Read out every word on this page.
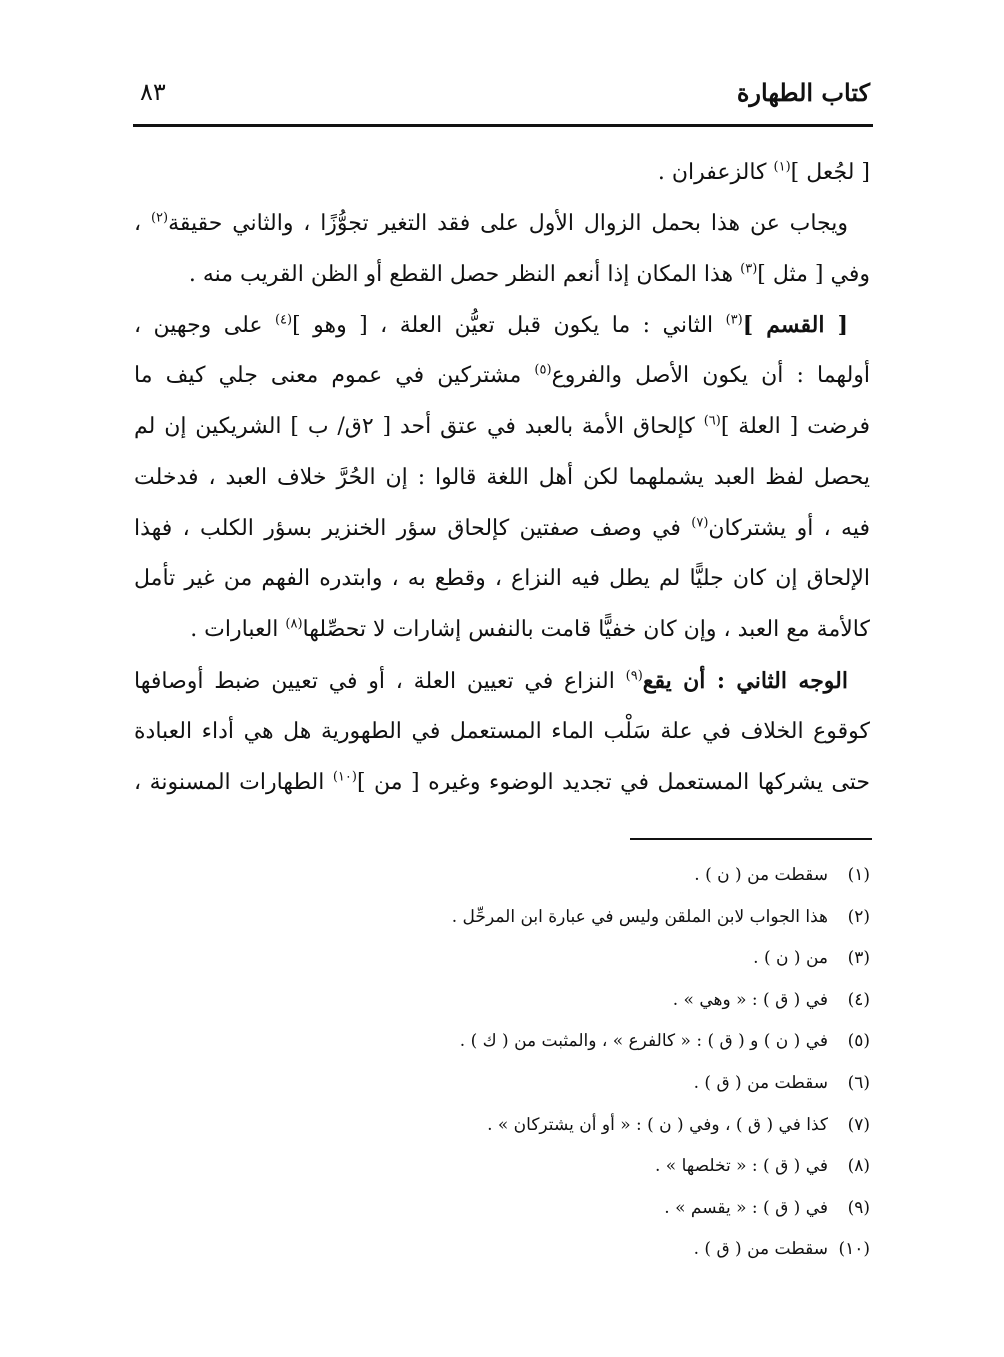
كتاب الطهارة
٨٣
[ لجُعل ]$^{(١)}$ كالزعفران .
ويجاب عن هذا بحمل الزوال الأول على فقد التغير تجوُّزًا ، والثاني حقيقة$^{(٢)}$ ،
وفي [ مثل ]$^{(٣)}$ هذا المكان إذا أنعم النظر حصل القطع أو الظن القريب منه .
[ القسم ]$^{(٣)}$ الثاني : ما يكون قبل تعيُّن العلة ، [ وهو ]$^{(٤)}$ على وجهين ،
أولهما : أن يكون الأصل والفروع$^{(٥)}$ مشتركين في عموم معنى جلي كيف ما
فرضت [ العلة ]$^{(٦)}$ كإلحاق الأمة بالعبد في عتق أحد [ ٢ق/ ب ] الشريكين إن لم
يحصل لفظ العبد يشملهما لكن أهل اللغة قالوا : إن الحُرَّ خلاف العبد ، فدخلت
فيه ، أو يشتركان$^{(٧)}$ في وصف صفتين كإلحاق سؤر الخنزير بسؤر الكلب ، فهذا
الإلحاق إن كان جليًّا لم يطل فيه النزاع ، وقطع به ، وابتدره الفهم من غير تأمل
كالأمة مع العبد ، وإن كان خفيًّا قامت بالنفس إشارات لا تحصِّلها$^{(٨)}$ العبارات .
الوجه الثاني : أن يقع$^{(٩)}$ النزاع في تعيين العلة ، أو في تعيين ضبط أوصافها
كوقوع الخلاف في علة سَلْب الماء المستعمل في الطهورية هل هي أداء العبادة
حتى يشركها المستعمل في تجديد الوضوء وغيره [ من ]$^{(١٠)}$ الطهارات المسنونة ،
(١)سقطت من ( ن ) .
(٢)هذا الجواب لابن الملقن وليس في عبارة ابن المرحِّل .
(٣)من ( ن ) .
(٤)في ( ق ) : « وهي » .
(٥)في ( ن ) و ( ق ) : « كالفرع » ، والمثبت من ( ك ) .
(٦)سقطت من ( ق ) .
(٧)كذا في ( ق ) ، وفي ( ن ) : « أو أن يشتركان » .
(٨)في ( ق ) : « تخلصها » .
(٩)في ( ق ) : « يقسم » .
(١٠)سقطت من ( ق ) .
